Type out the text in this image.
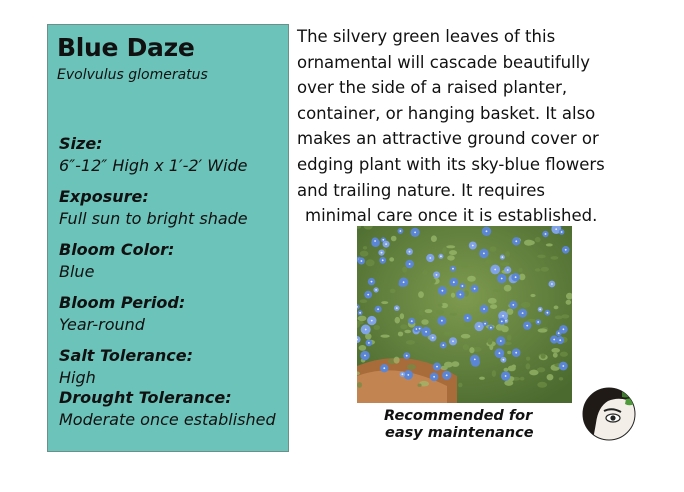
Blue Daze
Evolvulus glomeratus
Size:
6″-12″ High x 1′-2′ Wide
Exposure:
Full sun to bright shade
Bloom Color:
Blue
Bloom Period:
Year-round
Salt Tolerance:
High
Drought Tolerance:
Moderate once established
The silvery green leaves of this
ornamental will cascade beautifully
over the side of a raised planter,
container, or hanging basket. It also
makes an attractive ground cover or
edging plant with its sky-blue flowers
and trailing nature. It requires
minimal care once it is established.
Recommended for
easy maintenance
